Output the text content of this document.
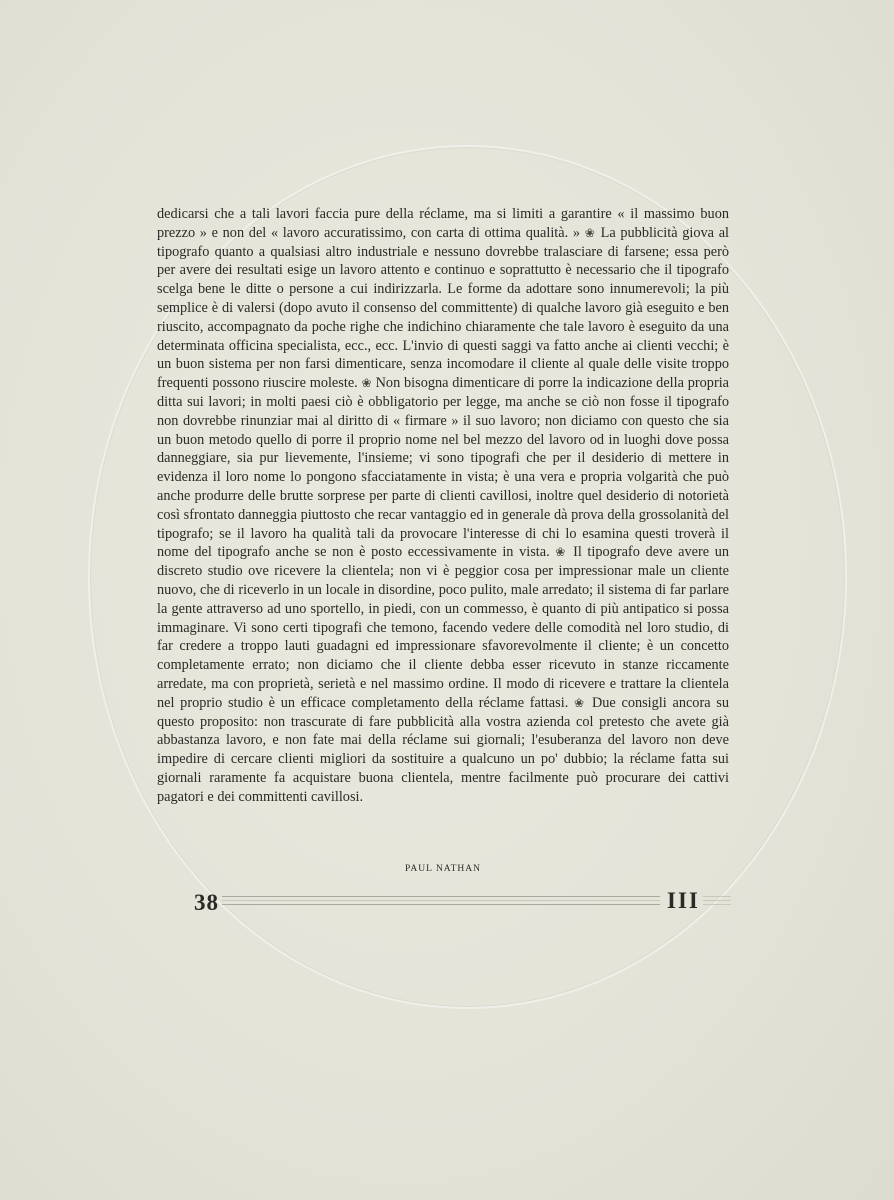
dedicarsi che a tali lavori faccia pure della réclame, ma si limiti a garantire « il massimo buon prezzo » e non del « lavoro accuratissimo, con carta di ottima qualità. » ❀ La pubblicità giova al tipografo quanto a qualsiasi altro industriale e nessuno dovrebbe tralasciare di farsene; essa però per avere dei resultati esige un lavoro attento e continuo e soprattutto è necessario che il tipografo scelga bene le ditte o persone a cui indirizzarla. Le forme da adottare sono innumerevoli; la più semplice è di valersi (dopo avuto il consenso del committente) di qualche lavoro già eseguito e ben riuscito, accompagnato da poche righe che indichino chiaramente che tale lavoro è eseguito da una determinata officina specialista, ecc., ecc. L'invio di questi saggi va fatto anche ai clienti vecchi; è un buon sistema per non farsi dimenticare, senza incomodare il cliente al quale delle visite troppo frequenti possono riuscire moleste. ❀ Non bisogna dimenticare di porre la indicazione della propria ditta sui lavori; in molti paesi ciò è obbligatorio per legge, ma anche se ciò non fosse il tipografo non dovrebbe rinunziar mai al diritto di « firmare » il suo lavoro; non diciamo con questo che sia un buon metodo quello di porre il proprio nome nel bel mezzo del lavoro od in luoghi dove possa danneggiare, sia pur lievemente, l'insieme; vi sono tipografi che per il desiderio di mettere in evidenza il loro nome lo pongono sfacciatamente in vista; è una vera e propria volgarità che può anche produrre delle brutte sorprese per parte di clienti cavillosi, inoltre quel desiderio di notorietà così sfrontato danneggia piuttosto che recar vantaggio ed in generale dà prova della grossolanità del tipografo; se il lavoro ha qualità tali da provocare l'interesse di chi lo esamina questi troverà il nome del tipografo anche se non è posto eccessivamente in vista. ❀ Il tipografo deve avere un discreto studio ove ricevere la clientela; non vi è peggior cosa per impressionar male un cliente nuovo, che di riceverlo in un locale in disordine, poco pulito, male arredato; il sistema di far parlare la gente attraverso ad uno sportello, in piedi, con un commesso, è quanto di più antipatico si possa immaginare. Vi sono certi tipografi che temono, facendo vedere delle comodità nel loro studio, di far credere a troppo lauti guadagni ed impressionare sfavorevolmente il cliente; è un concetto completamente errato; non diciamo che il cliente debba esser ricevuto in stanze riccamente arredate, ma con proprietà, serietà e nel massimo ordine. Il modo di ricevere e trattare la clientela nel proprio studio è un efficace completamento della réclame fattasi. ❀ Due consigli ancora su questo proposito: non trascurate di fare pubblicità alla vostra azienda col pretesto che avete già abbastanza lavoro, e non fate mai della réclame sui giornali; l'esuberanza del lavoro non deve impedire di cercare clienti migliori da sostituire a qualcuno un po' dubbio; la réclame fatta sui giornali raramente fa acquistare buona clientela, mentre facilmente può procurare dei cattivi pagatori e dei committenti cavillosi.

PAUL NATHAN
38	III
